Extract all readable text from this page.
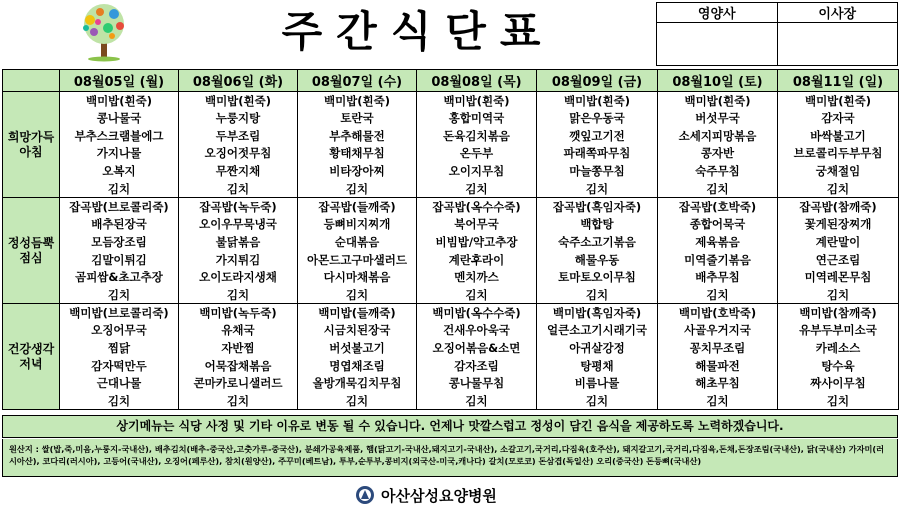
주간식단표	영양사	이사장

	08월05일 (월)	08월06일 (화)	08월07일 (수)	08월08일 (목)	08월09일 (금)	08월10일 (토)	08월11일 (일)
희망가득
아침	백미밥(흰죽)	백미밥(흰죽)	백미밥(흰죽)	백미밥(흰죽)	백미밥(흰죽)	백미밥(흰죽)	백미밥(흰죽)
	콩나물국	누룽지탕	토란국	홍합미역국	맑은우동국	버섯무국	감자국
	부추스크램블에그	두부조림	부추해물전	돈육김치볶음	깻잎고기전	소세지피망볶음	바싹불고기
	가지나물	오징어젓무침	황태채무침	온두부	파래쪽파무침	콩자반	브로콜리두부무침
	오복지	무짠지채	비타장아찌	오이지무침	마늘쫑무침	숙주무침	궁채절임
	김치	김치	김치	김치	김치	김치	김치
정성듬뿍
점심	잡곡밥(브로콜리죽)	잡곡밥(녹두죽)	잡곡밥(들깨죽)	잡곡밥(옥수수죽)	잡곡밥(흑임자죽)	잡곡밥(호박죽)	잡곡밥(참깨죽)
	배추된장국	오이우무묵냉국	등뼈비지찌개	북어무국	백합탕	종합어묵국	꽃게된장찌개
	모듬장조림	불닭볶음	순대볶음	비빔밥/약고추장	숙주소고기볶음	제육볶음	계란말이
	김말이튀김	가지튀김	아몬드고구마샐러드	계란후라이	해물우동	미역줄기볶음	연근조림
	곰피쌈&초고추장	오이도라지생채	다시마채볶음	멘치까스	토마토오이무침	배추무침	미역레몬무침
	김치	김치	김치	김치	김치	김치	김치
건강생각
저녁	백미밥(브로콜리죽)	백미밥(녹두죽)	백미밥(들깨죽)	백미밥(옥수수죽)	백미밥(흑임자죽)	백미밥(호박죽)	백미밥(참깨죽)
	오징어무국	유채국	시금치된장국	건새우아욱국	얼큰소고기시래기국	사골우거지국	유부두부미소국
	찜닭	자반찜	버섯불고기	오징어볶음&소면	아귀살강정	꽁치무조림	카레소스
	감자떡만두	어묵잡채볶음	명엽채조림	감자조림	탕평채	해물파전	탕수육
	근대나물	콘마카로니샐러드	올방개묵김치무침	콩나물무침	비름나물	해초무침	짜사이무침
	김치	김치	김치	김치	김치	김치	김치
상기메뉴는 식당 사정 및 기타 이유로 변동 될 수 있습니다. 언제나 맛깔스럽고 정성이 담긴 음식을 제공하도록 노력하겠습니다.
원산지 : 쌀(밥,죽,미음,누룽지-국내산), 배추김치(배추-중국산,고춧가루-중국산), 분쇄가공육제품, 햄(닭고기-국내산,돼지고기-국내산), 소갈고기,국거리,다짐육(호주산), 돼지갈고기,국거리,다짐육,돈채,돈장조림(국내산), 닭(국내산) 가자미(러시아산), 코다리(러시아), 고등어(국내산), 오징어(페루산), 참치(원양산), 주꾸미(베트남), 투부,순투부,콩비지(외국산-미국,캐나다) 갈치(모로코) 돈삼겹(독일산) 오리(중국산) 돈등뼈(국내산)
아산삼성요양병원
